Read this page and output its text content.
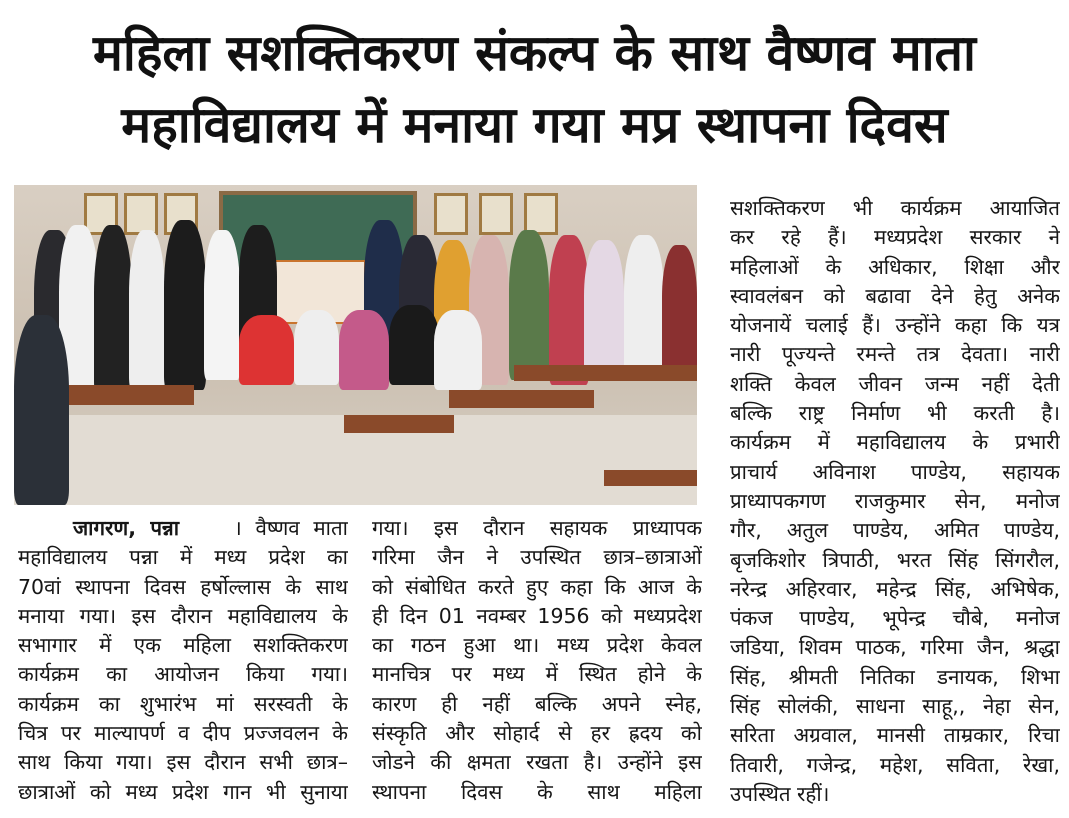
महिला सशक्तिकरण संकल्प के साथ वैष्णव माता
महाविद्यालय में मनाया गया मप्र स्थापना दिवस
जागरण, पन्ना	। वैष्णव माता
महाविद्यालय पन्ना में मध्य प्रदेश का
70वां स्थापना दिवस हर्षोल्लास के साथ
मनाया गया। इस दौरान महाविद्यालय के
सभागार में एक महिला सशक्तिकरण
कार्यक्रम का आयोजन किया गया।
कार्यक्रम का शुभारंभ मां सरस्वती के
चित्र पर माल्यापर्ण व दीप प्रज्जवलन के
साथ किया गया। इस दौरान सभी छात्र–
छात्राओं को मध्य प्रदेश गान भी सुनाया
गया। इस दौरान सहायक प्राध्यापक
गरिमा जैन ने उपस्थित छात्र–छात्राओं
को संबोधित करते हुए कहा कि आज के
ही दिन 01 नवम्बर 1956 को मध्यप्रदेश
का गठन हुआ था। मध्य प्रदेश केवल
मानचित्र पर मध्य में स्थित होने के
कारण ही नहीं बल्कि अपने स्नेह,
संस्कृति और सोहार्द से हर ह्रदय को
जोडने की क्षमता रखता है। उन्होंने इस
स्थापना दिवस के साथ महिला
सशक्तिकरण भी कार्यक्रम आयाजित
कर रहे हैं। मध्यप्रदेश सरकार ने
महिलाओं के अधिकार, शिक्षा और
स्वावलंबन को बढावा देने हेतु अनेक
योजनायें चलाई हैं। उन्होंने कहा कि यत्र
नारी पूज्यन्ते रमन्ते तत्र देवता। नारी
शक्ति केवल जीवन जन्म नहीं देती
बल्कि राष्ट्र निर्माण भी करती है।
कार्यक्रम में महाविद्यालय के प्रभारी
प्राचार्य अविनाश पाण्डेय, सहायक
प्राध्यापकगण राजकुमार सेन, मनोज
गौर, अतुल पाण्डेय, अमित पाण्डेय,
बृजकिशोर त्रिपाठी, भरत सिंह सिंगरौल,
नरेन्द्र अहिरवार, महेन्द्र सिंह, अभिषेक,
पंकज पाण्डेय, भूपेन्द्र चौबे, मनोज
जडिया, शिवम पाठक, गरिमा जैन, श्रद्धा
सिंह, श्रीमती नितिका डनायक, शिभा
सिंह सोलंकी, साधना साहू,, नेहा सेन,
सरिता अग्रवाल, मानसी ताम्रकार, रिचा
तिवारी, गजेन्द्र, महेश, सविता, रेखा,
उपस्थित रहीं।
